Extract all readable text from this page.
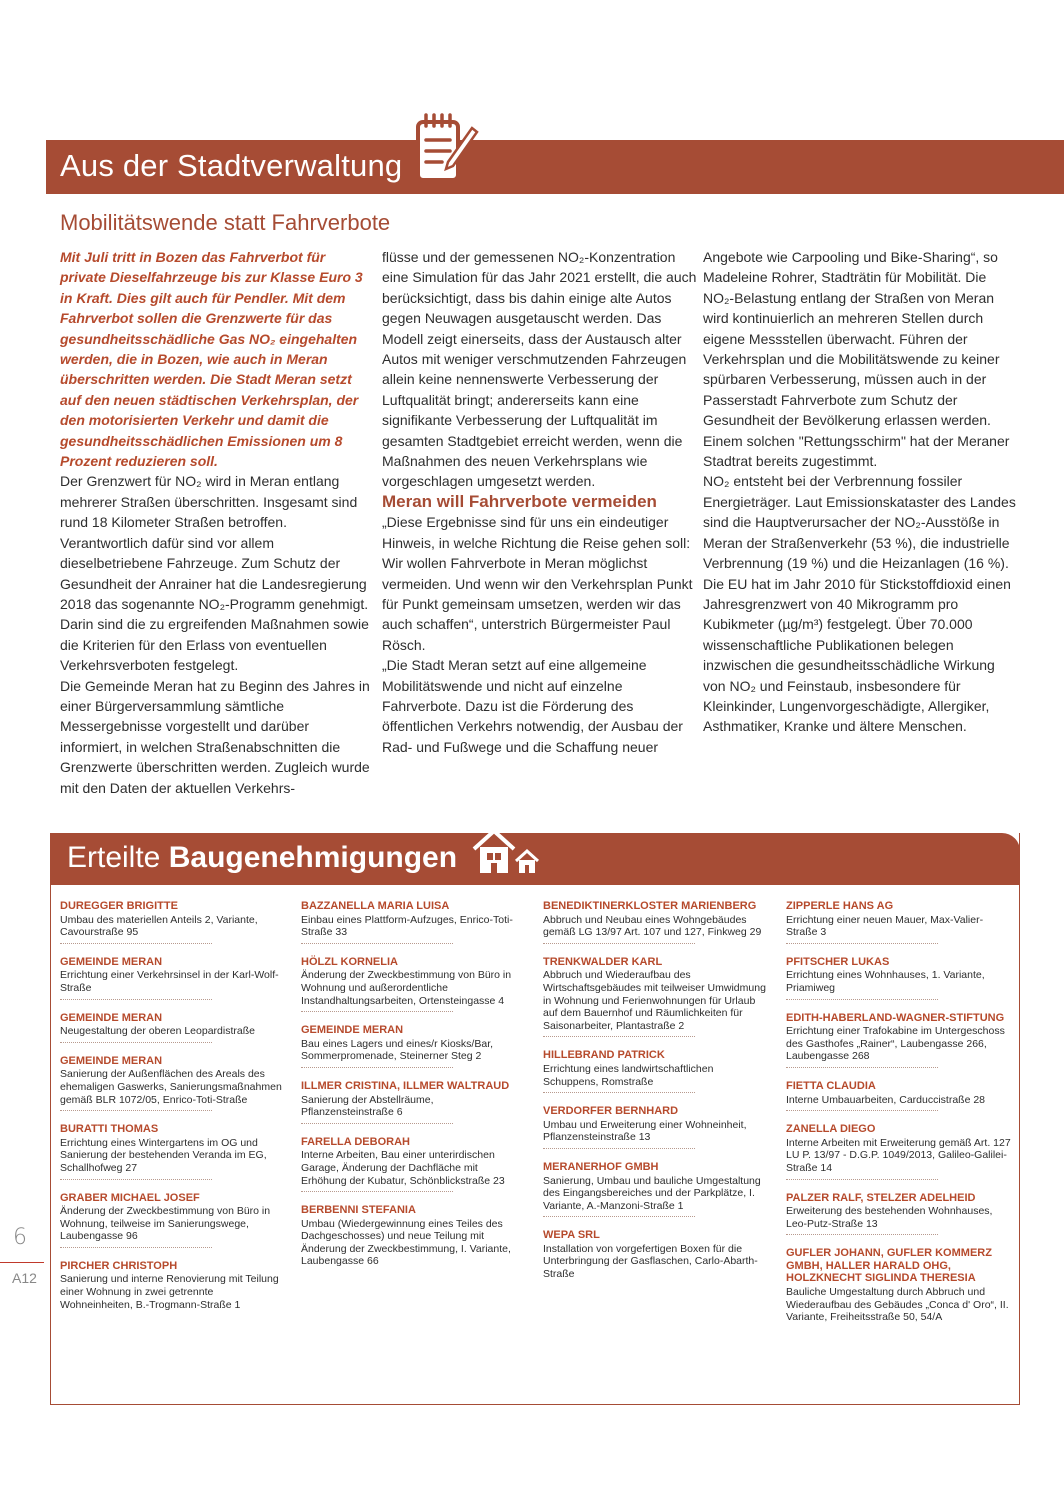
Aus der Stadtverwaltung
Mobilitätswende statt Fahrverbote

Mit Juli tritt in Bozen das Fahrverbot für private Dieselfahrzeuge bis zur Klasse Euro 3 in Kraft. Dies gilt auch für Pendler. Mit dem Fahrverbot sollen die Grenzwerte für das gesundheitsschädliche Gas NO₂ eingehalten werden, die in Bozen, wie auch in Meran überschritten werden. Die Stadt Meran setzt auf den neuen städtischen Verkehrsplan, der den motorisierten Verkehr und damit die gesundheitsschädlichen Emissionen um 8 Prozent reduzieren soll.

Der Grenzwert für NO₂ wird in Meran entlang mehrerer Straßen überschritten. Insgesamt sind rund 18 Kilometer Straßen betroffen. Verantwortlich dafür sind vor allem dieselbetriebene Fahrzeuge. Zum Schutz der Gesundheit der Anrainer hat die Landesregierung 2018 das sogenannte NO₂-Programm genehmigt. Darin sind die zu ergreifenden Maßnahmen sowie die Kriterien für den Erlass von eventuellen Verkehrsverboten festgelegt.

Die Gemeinde Meran hat zu Beginn des Jahres in einer Bürgerversammlung sämtliche Messergebnisse vorgestellt und darüber informiert, in welchen Straßenabschnitten die Grenzwerte überschritten werden. Zugleich wurde mit den Daten der aktuellen Verkehrs-

flüsse und der gemessenen NO₂-Konzentration eine Simulation für das Jahr 2021 erstellt, die auch berücksichtigt, dass bis dahin einige alte Autos gegen Neuwagen ausgetauscht werden. Das Modell zeigt einerseits, dass der Austausch alter Autos mit weniger verschmutzenden Fahrzeugen allein keine nennenswerte Verbesserung der Luftqualität bringt; andererseits kann eine signifikante Verbesserung der Luftqualität im gesamten Stadtgebiet erreicht werden, wenn die Maßnahmen des neuen Verkehrsplans wie vorgeschlagen umgesetzt werden.

Meran will Fahrverbote vermeiden

„Diese Ergebnisse sind für uns ein eindeutiger Hinweis, in welche Richtung die Reise gehen soll: Wir wollen Fahrverbote in Meran möglichst vermeiden. Und wenn wir den Verkehrsplan Punkt für Punkt gemeinsam umsetzen, werden wir das auch schaffen“, unterstrich Bürgermeister Paul Rösch.

„Die Stadt Meran setzt auf eine allgemeine Mobilitätswende und nicht auf einzelne Fahrverbote. Dazu ist die Förderung des öffentlichen Verkehrs notwendig, der Ausbau der Rad- und Fußwege und die Schaffung neuer

Angebote wie Carpooling und Bike-Sharing“, so Madeleine Rohrer, Stadträtin für Mobilität. Die NO₂-Belastung entlang der Straßen von Meran wird kontinuierlich an mehreren Stellen durch eigene Messstellen überwacht. Führen der Verkehrsplan und die Mobilitätswende zu keiner spürbaren Verbesserung, müssen auch in der Passerstadt Fahrverbote zum Schutz der Gesundheit der Bevölkerung erlassen werden. Einem solchen "Rettungsschirm" hat der Meraner Stadtrat bereits zugestimmt.

NO₂ entsteht bei der Verbrennung fossiler Energieträger. Laut Emissionskataster des Landes sind die Hauptverursacher der NO₂-Ausstöße in Meran der Straßenverkehr (53 %), die industrielle Verbrennung (19 %) und die Heizanlagen (16 %). Die EU hat im Jahr 2010 für Stickstoffdioxid einen Jahresgrenzwert von 40 Mikrogramm pro Kubikmeter (µg/m³) festgelegt. Über 70.000 wissenschaftliche Publikationen belegen inzwischen die gesundheitsschädliche Wirkung von NO₂ und Feinstaub, insbesondere für Kleinkinder, Lungenvorgeschädigte, Allergiker, Asthmatiker, Kranke und ältere Menschen.

Erteilte Baugenehmigungen
DUREGGER BRIGITTE

Umbau des materiellen Anteils 2, Variante, Cavourstraße 95

GEMEINDE MERAN

Errichtung einer Verkehrsinsel in der Karl-Wolf-Straße

GEMEINDE MERAN

Neugestaltung der oberen Leopardistraße

GEMEINDE MERAN

Sanierung der Außenflächen des Areals des ehemaligen Gaswerks, Sanierungsmaßnahmen gemäß BLR 1072/05, Enrico-Toti-Straße

BURATTI THOMAS

Errichtung eines Wintergartens im OG und Sanierung der bestehenden Veranda im EG, Schallhofweg 27

GRABER MICHAEL JOSEF

Änderung der Zweckbestimmung von Büro in Wohnung, teilweise im Sanierungswege, Laubengasse 96

PIRCHER CHRISTOPH

Sanierung und interne Renovierung mit Teilung einer Wohnung in zwei getrennte Wohneinheiten, B.-Trogmann-Straße 1

BAZZANELLA MARIA LUISA

Einbau eines Plattform-Aufzuges, Enrico-Toti-Straße 33

HÖLZL KORNELIA

Änderung der Zweckbestimmung von Büro in Wohnung und außerordentliche Instandhaltungsarbeiten, Ortensteingasse 4

GEMEINDE MERAN

Bau eines Lagers und eines/r Kiosks/Bar, Sommerpromenade, Steinerner Steg 2

ILLMER CRISTINA, ILLMER WALTRAUD

Sanierung der Abstellräume, Pflanzensteinstraße 6

FARELLA DEBORAH

Interne Arbeiten, Bau einer unterirdischen Garage, Änderung der Dachfläche mit Erhöhung der Kubatur, Schönblickstraße 23

BERBENNI STEFANIA

Umbau (Wiedergewinnung eines Teiles des Dachgeschosses) und neue Teilung mit Änderung der Zweckbestimmung, I. Variante, Laubengasse 66

BENEDIKTINERKLOSTER MARIENBERG

Abbruch und Neubau eines Wohngebäudes gemäß LG 13/97 Art. 107 und 127, Finkweg 29

TRENKWALDER KARL

Abbruch und Wiederaufbau des Wirtschaftsgebäudes mit teilweiser Umwidmung in Wohnung und Ferienwohnungen für Urlaub auf dem Bauernhof und Räumlichkeiten für Saisonarbeiter, Plantastraße 2

HILLEBRAND PATRICK

Errichtung eines landwirtschaftlichen Schuppens, Romstraße

VERDORFER BERNHARD

Umbau und Erweiterung einer Wohneinheit, Pflanzensteinstraße 13

MERANERHOF GMBH

Sanierung, Umbau und bauliche Umgestaltung des Eingangsbereiches und der Parkplätze, I. Variante, A.-Manzoni-Straße 1

WEPA SRL

Installation von vorgefertigen Boxen für die Unterbringung der Gasflaschen, Carlo-Abarth-Straße

ZIPPERLE HANS AG

Errichtung einer neuen Mauer, Max-Valier-Straße 3

PFITSCHER LUKAS

Errichtung eines Wohnhauses, 1. Variante, Priamiweg

EDITH-HABERLAND-WAGNER-STIFTUNG

Errichtung einer Trafokabine im Untergeschoss des Gasthofes „Rainer“, Laubengasse 266, Laubengasse 268

FIETTA CLAUDIA

Interne Umbauarbeiten, Carduccistraße 28

ZANELLA DIEGO

Interne Arbeiten mit Erweiterung gemäß Art. 127 LU P. 13/97 - D.G.P. 1049/2013, Galileo-Galilei-Straße 14

PALZER RALF, STELZER ADELHEID

Erweiterung des bestehenden Wohnhauses, Leo-Putz-Straße 13

GUFLER JOHANN, GUFLER KOMMERZ GMBH, HALLER HARALD OHG, HOLZKNECHT SIGLINDA THERESIA

Bauliche Umgestaltung durch Abbruch und Wiederaufbau des Gebäudes „Conca d' Oro“, II. Variante, Freiheitsstraße 50, 54/A

6
A12
